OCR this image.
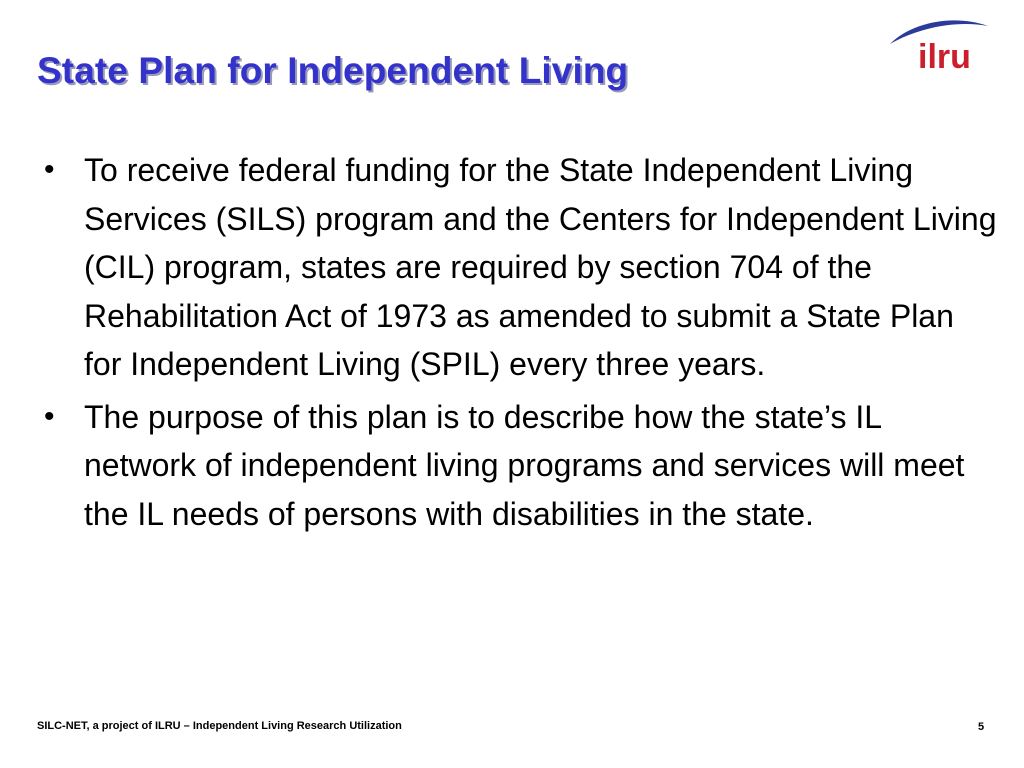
State Plan for Independent Living	ilru
• To receive federal funding for the State Independent Living Services (SILS) program and the Centers for Independent Living (CIL) program, states are required by section 704 of the Rehabilitation Act of 1973 as amended to submit a State Plan for Independent Living (SPIL) every three years.
• The purpose of this plan is to describe how the state’s IL network of independent living programs and services will meet the IL needs of persons with disabilities in the state.
SILC-NET, a project of ILRU – Independent Living Research Utilization	5
